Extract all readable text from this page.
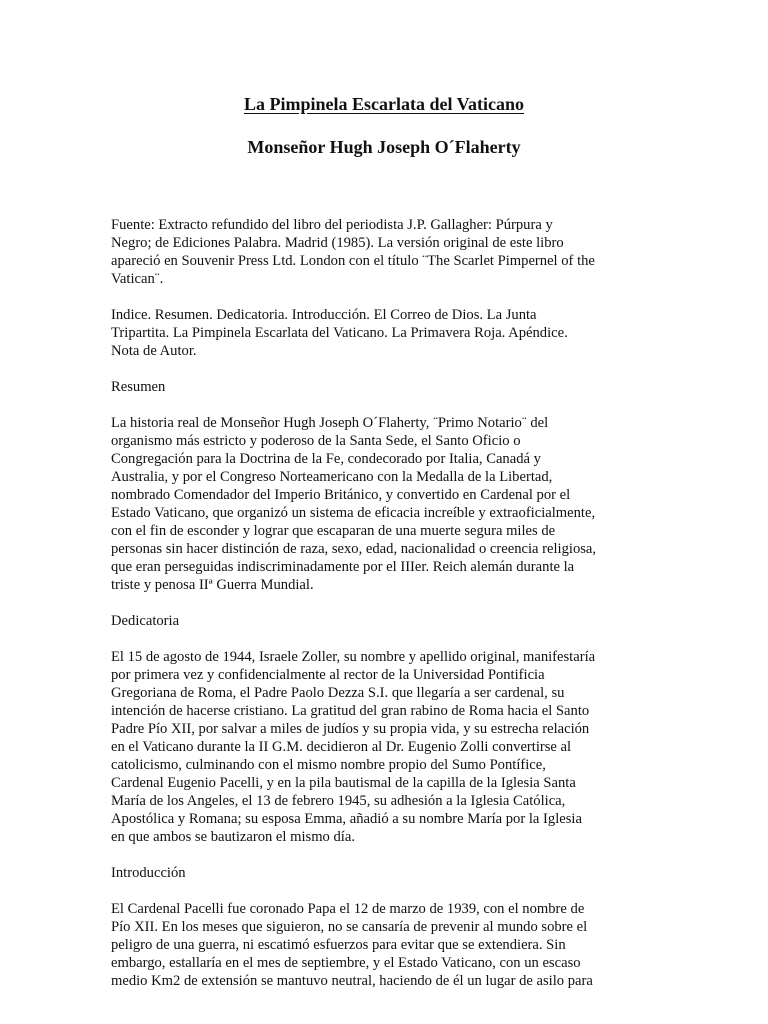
La Pimpinela Escarlata del Vaticano
Monseñor Hugh Joseph O´Flaherty

Fuente: Extracto refundido del libro del periodista J.P. Gallagher: Púrpura y
Negro; de Ediciones Palabra. Madrid (1985). La versión original de este libro
apareció en Souvenir Press Ltd. London con el título ¨The Scarlet Pimpernel of the
Vatican¨.

Indice. Resumen. Dedicatoria. Introducción. El Correo de Dios. La Junta
Tripartita. La Pimpinela Escarlata del Vaticano. La Primavera Roja. Apéndice.
Nota de Autor.

Resumen

La historia real de Monseñor Hugh Joseph O´Flaherty, ¨Primo Notario¨ del
organismo más estricto y poderoso de la Santa Sede, el Santo Oficio o
Congregación para la Doctrina de la Fe, condecorado por Italia, Canadá y
Australia, y por el Congreso Norteamericano con la Medalla de la Libertad,
nombrado Comendador del Imperio Británico, y convertido en Cardenal por el
Estado Vaticano, que organizó un sistema de eficacia increíble y extraoficialmente,
con el fin de esconder y lograr que escaparan de una muerte segura miles de
personas sin hacer distinción de raza, sexo, edad, nacionalidad o creencia religiosa,
que eran perseguidas indiscriminadamente por el IIIer. Reich alemán durante la
triste y penosa IIª Guerra Mundial.

Dedicatoria

El 15 de agosto de 1944, Israele Zoller, su nombre y apellido original, manifestaría
por primera vez y confidencialmente al rector de la Universidad Pontificia
Gregoriana de Roma, el Padre Paolo Dezza S.I. que llegaría a ser cardenal, su
intención de hacerse cristiano. La gratitud del gran rabino de Roma hacia el Santo
Padre Pío XII, por salvar a miles de judíos y su propia vida, y su estrecha relación
en el Vaticano durante la II G.M. decidieron al Dr. Eugenio Zolli convertirse al
catolicismo, culminando con el mismo nombre propio del Sumo Pontífice,
Cardenal Eugenio Pacelli, y en la pila bautismal de la capilla de la Iglesia Santa
María de los Angeles, el 13 de febrero 1945, su adhesión a la Iglesia Católica,
Apostólica y Romana; su esposa Emma, añadió a su nombre María por la Iglesia
en que ambos se bautizaron el mismo día.

Introducción

El Cardenal Pacelli fue coronado Papa el 12 de marzo de 1939, con el nombre de
Pío XII. En los meses que siguieron, no se cansaría de prevenir al mundo sobre el
peligro de una guerra, ni escatimó esfuerzos para evitar que se extendiera. Sin
embargo, estallaría en el mes de septiembre, y el Estado Vaticano, con un escaso
medio Km2 de extensión se mantuvo neutral, haciendo de él un lugar de asilo para
